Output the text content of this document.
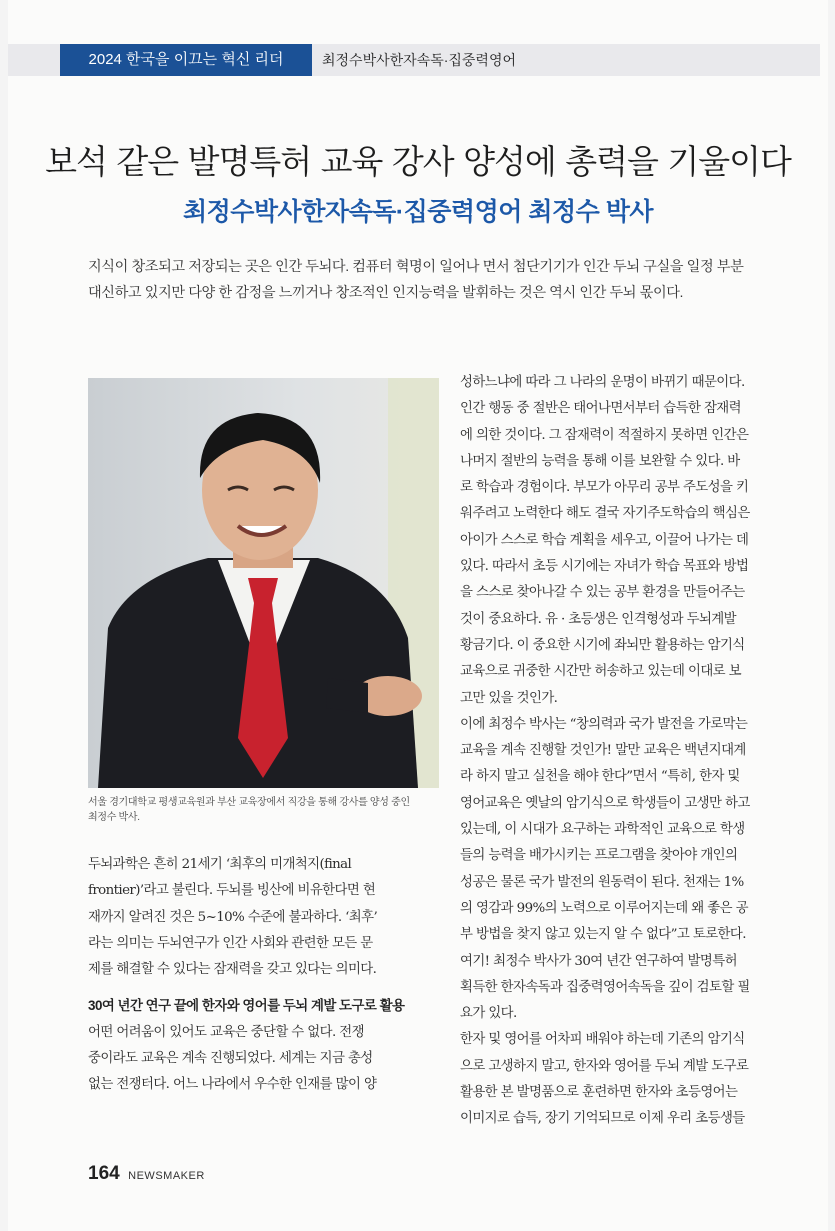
2024 한국을 이끄는 혁신 리더	최정수박사한자속독·집중력영어
보석 같은 발명특허 교육 강사 양성에 총력을 기울이다
최정수박사한자속독·집중력영어 최정수 박사

지식이 창조되고 저장되는 곳은 인간 두뇌다. 컴퓨터 혁명이 일어나 면서 첨단기기가 인간 두뇌 구실을 일정 부분

대신하고 있지만 다양 한 감정을 느끼거나 창조적인 인지능력을 발휘하는 것은 역시 인간 두뇌 몫이다.

서울 경기대학교 평생교육원과 부산 교육장에서 직강을 통해 강사를 양성 중인

최정수 박사.

두뇌과학은 흔히 21세기 ‘최후의 미개척지(final

frontier)’라고 불린다. 두뇌를 빙산에 비유한다면 현

재까지 알려진 것은 5~10% 수준에 불과하다. ‘최후’

라는 의미는 두뇌연구가 인간 사회와 관련한 모든 문

제를 해결할 수 있다는 잠재력을 갖고 있다는 의미다.

30여 년간 연구 끝에 한자와 영어를 두뇌 계발 도구로 활용

어떤 어려움이 있어도 교육은 중단할 수 없다. 전쟁

중이라도 교육은 계속 진행되었다. 세계는 지금 총성

없는 전쟁터다. 어느 나라에서 우수한 인재를 많이 양

성하느냐에 따라 그 나라의 운명이 바뀌기 때문이다.

인간 행동 중 절반은 태어나면서부터 습득한 잠재력

에 의한 것이다. 그 잠재력이 적절하지 못하면 인간은

나머지 절반의 능력을 통해 이를 보완할 수 있다. 바

로 학습과 경험이다. 부모가 아무리 공부 주도성을 키

워주려고 노력한다 해도 결국 자기주도학습의 핵심은

아이가 스스로 학습 계획을 세우고, 이끌어 나가는 데

있다. 따라서 초등 시기에는 자녀가 학습 목표와 방법

을 스스로 찾아나갈 수 있는 공부 환경을 만들어주는

것이 중요하다. 유 · 초등생은 인격형성과 두뇌계발

황금기다. 이 중요한 시기에 좌뇌만 활용하는 암기식

교육으로 귀중한 시간만 허송하고 있는데 이대로 보

고만 있을 것인가.

이에 최정수 박사는 “창의력과 국가 발전을 가로막는

교육을 계속 진행할 것인가! 말만 교육은 백년지대계

라 하지 말고 실천을 해야 한다”면서 “특히, 한자 및

영어교육은 옛날의 암기식으로 학생들이 고생만 하고

있는데, 이 시대가 요구하는 과학적인 교육으로 학생

들의 능력을 배가시키는 프로그램을 찾아야 개인의

성공은 물론 국가 발전의 원동력이 된다. 천재는 1%

의 영감과 99%의 노력으로 이루어지는데 왜 좋은 공

부 방법을 찾지 않고 있는지 알 수 없다”고 토로한다.

여기! 최정수 박사가 30여 년간 연구하여 발명특허

획득한 한자속독과 집중력영어속독을 깊이 검토할 필

요가 있다.

한자 및 영어를 어차피 배워야 하는데 기존의 암기식

으로 고생하지 말고, 한자와 영어를 두뇌 계발 도구로

활용한 본 발명품으로 훈련하면 한자와 초등영어는

이미지로 습득, 장기 기억되므로 이제 우리 초등생들

164 NEWSMAKER
